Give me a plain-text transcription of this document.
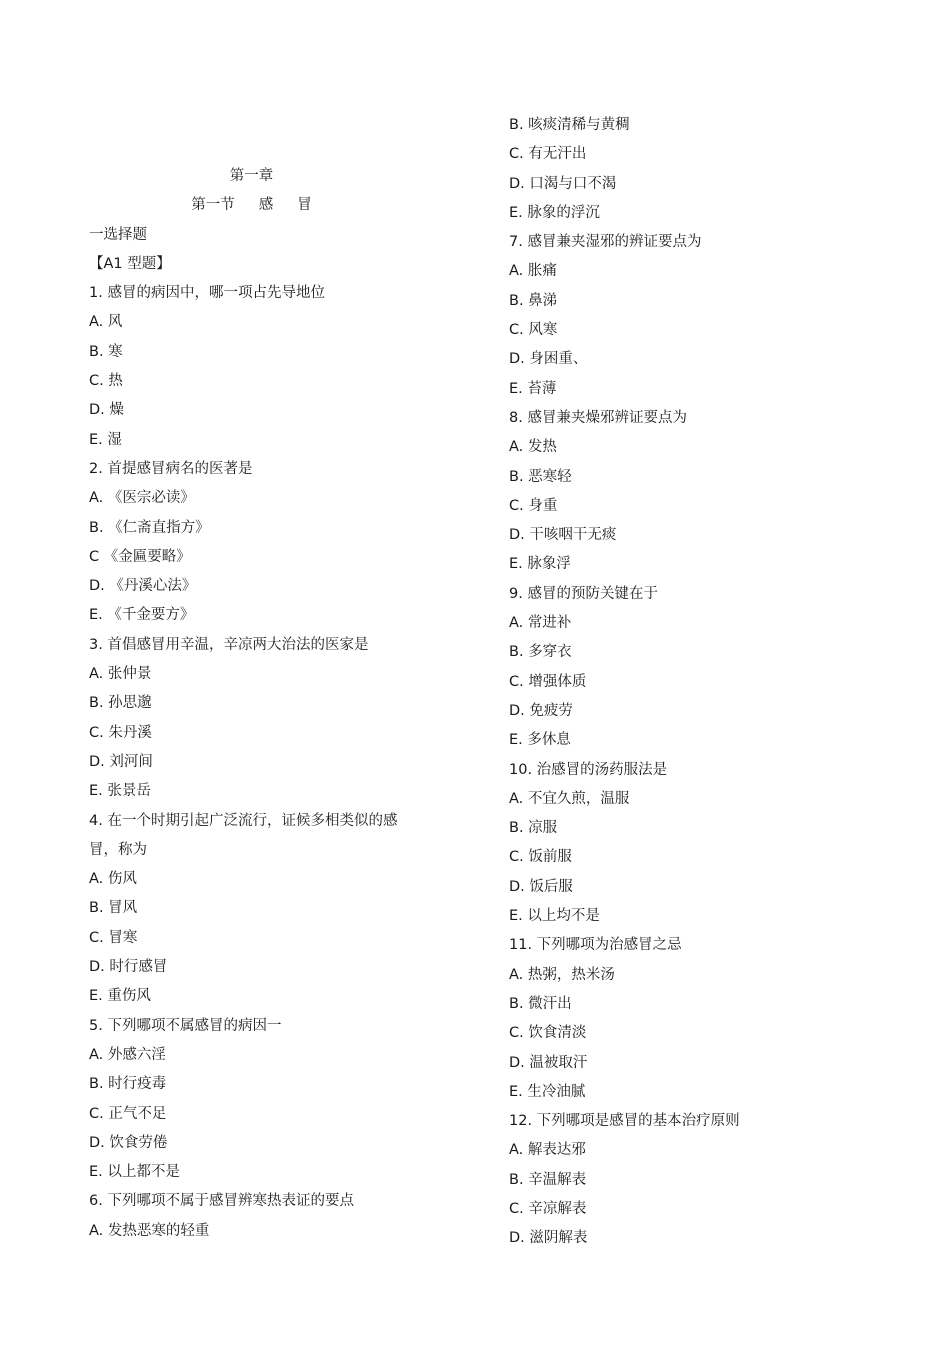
第一章
第一节 感 冒
一选择题
【A1 型题】
1. 感冒的病因中，哪一项占先导地位
A. 风
B. 寒
C. 热
D. 燥
E. 湿
2. 首提感冒病名的医著是
A. 《医宗必读》
B. 《仁斋直指方》
C 《金匾要略》
D. 《丹溪心法》
E. 《千金要方》
3. 首倡感冒用辛温，辛凉两大治法的医家是
A. 张仲景
B. 孙思邈
C. 朱丹溪
D. 刘河间
E. 张景岳
4. 在一个时期引起广泛流行，证候多相类似的感
冒，称为
A. 伤风
B. 冒风
C. 冒寒
D. 时行感冒
E. 重伤风
5. 下列哪项不属感冒的病因一
A. 外感六淫
B. 时行疫毒
C. 正气不足
D. 饮食劳倦
E. 以上都不是
6. 下列哪项不属于感冒辨寒热表证的要点
A. 发热恶寒的轻重
B. 咳痰清稀与黄稠
C. 有无汗出
D. 口渴与口不渴
E. 脉象的浮沉
7. 感冒兼夹湿邪的辨证要点为
A. 胀痛
B. 鼻涕
C. 风寒
D. 身困重、
E. 苔薄
8. 感冒兼夹燥邪辨证要点为
A. 发热
B. 恶寒轻
C. 身重
D. 干咳咽干无痰
E. 脉象浮
9. 感冒的预防关键在于
A. 常进补
B. 多穿衣
C. 增强体质
D. 免疲劳
E. 多休息
10. 治感冒的汤药服法是
A. 不宜久煎，温服
B. 凉服
C. 饭前服
D. 饭后服
E. 以上均不是
11. 下列哪项为治感冒之忌
A. 热粥，热米汤
B. 微汗出
C. 饮食清淡
D. 温被取汗
E. 生冷油腻
12. 下列哪项是感冒的基本治疗原则
A. 解表达邪
B. 辛温解表
C. 辛凉解表
D. 滋阴解表
